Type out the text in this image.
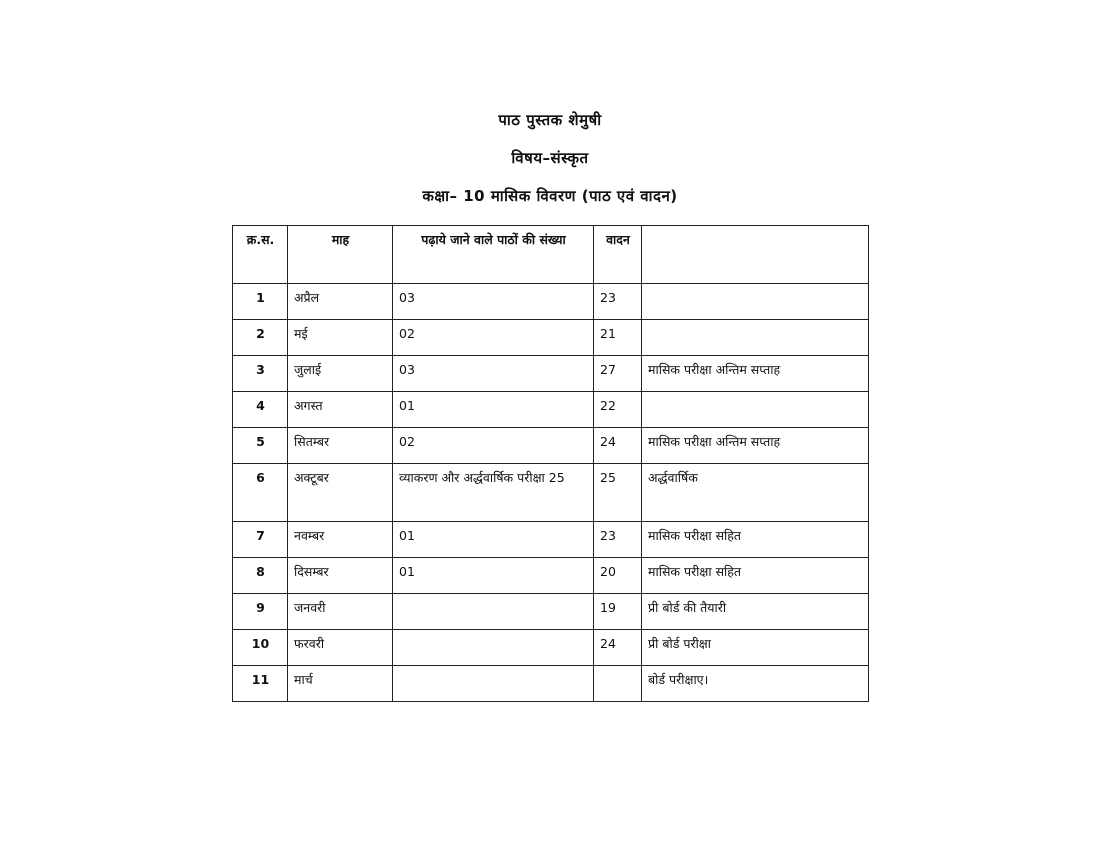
पाठ पुस्तक शेमुषी
विषय–संस्कृत
कक्षा– 10 मासिक विवरण (पाठ एवं वादन)
क्र.स.	माह	पढ़ाये जाने वाले पाठों की संख्या	वादन	
1	अप्रैल	03	23	
2	मई	02	21	
3	जुलाई	03	27	मासिक परीक्षा अन्तिम सप्ताह
4	अगस्त	01	22	
5	सितम्बर	02	24	मासिक परीक्षा अन्तिम सप्ताह
6	अक्टूबर	व्याकरण और अर्द्धवार्षिक परीक्षा 25	25	अर्द्धवार्षिक
7	नवम्बर	01	23	मासिक परीक्षा सहित
8	दिसम्बर	01	20	मासिक परीक्षा सहित
9	जनवरी		19	प्री बोर्ड की तैयारी
10	फरवरी		24	प्री बोर्ड परीक्षा
11	मार्च			बोर्ड परीक्षाए।
